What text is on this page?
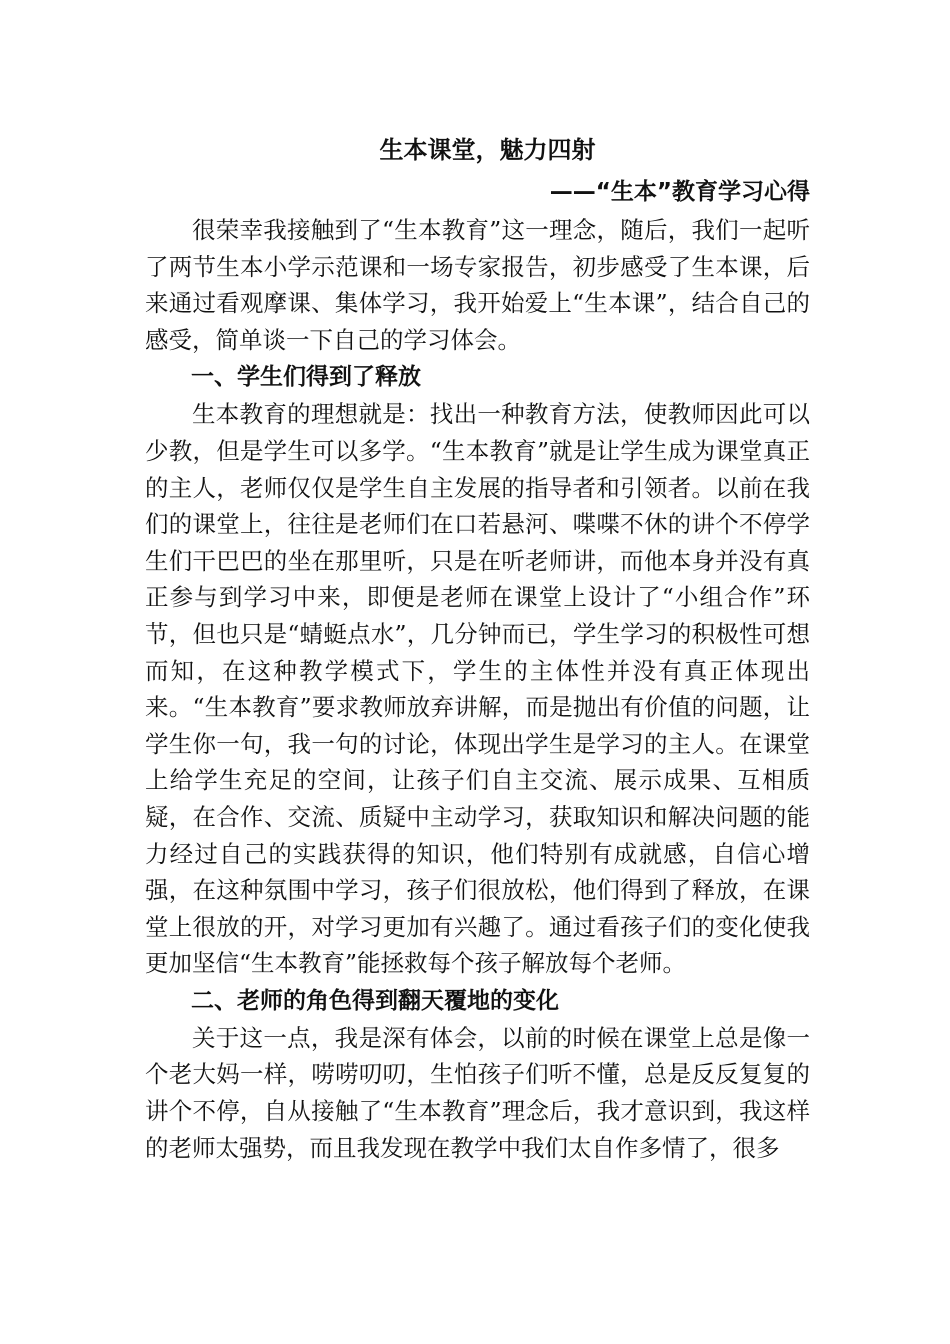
生本课堂，魅力四射
——“生本”教育学习心得

很荣幸我接触到了“生本教育”这一理念，随后，我们一起听了两节生本小学示范课和一场专家报告，初步感受了生本课，后来通过看观摩课、集体学习，我开始爱上“生本课”，结合自己的感受，简单谈一下自己的学习体会。

一、学生们得到了释放

生本教育的理想就是：找出一种教育方法，使教师因此可以少教，但是学生可以多学。“生本教育”就是让学生成为课堂真正的主人，老师仅仅是学生自主发展的指导者和引领者。以前在我们的课堂上，往往是老师们在口若悬河、喋喋不休的讲个不停学生们干巴巴的坐在那里听，只是在听老师讲，而他本身并没有真正参与到学习中来，即便是老师在课堂上设计了“小组合作”环节，但也只是“蜻蜓点水”，几分钟而已，学生学习的积极性可想而知，在这种教学模式下，学生的主体性并没有真正体现出来。“生本教育”要求教师放弃讲解，而是抛出有价值的问题，让学生你一句，我一句的讨论，体现出学生是学习的主人。在课堂上给学生充足的空间，让孩子们自主交流、展示成果、互相质疑，在合作、交流、质疑中主动学习，获取知识和解决问题的能力经过自己的实践获得的知识，他们特别有成就感，自信心增强，在这种氛围中学习，孩子们很放松，他们得到了释放，在课堂上很放的开，对学习更加有兴趣了。通过看孩子们的变化使我更加坚信“生本教育”能拯救每个孩子解放每个老师。

二、老师的角色得到翻天覆地的变化

关于这一点，我是深有体会，以前的时候在课堂上总是像一个老大妈一样，唠唠叨叨，生怕孩子们听不懂，总是反反复复的讲个不停，自从接触了“生本教育”理念后，我才意识到，我这样的老师太强势，而且我发现在教学中我们太自作多情了，很多
